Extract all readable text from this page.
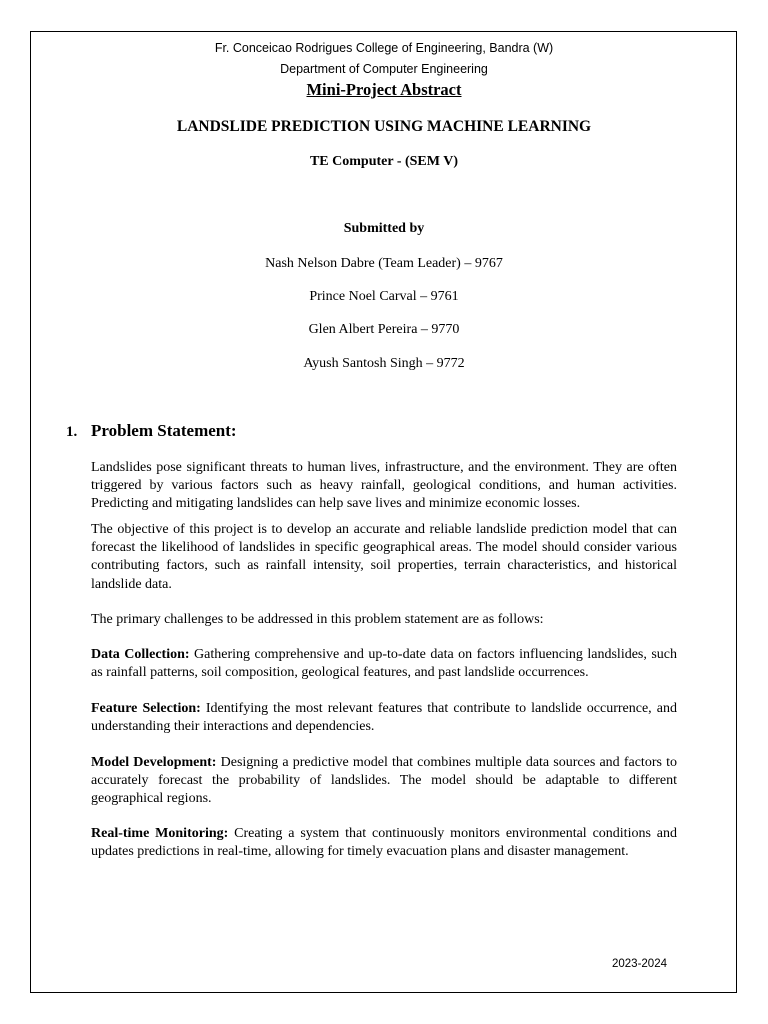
Fr. Conceicao Rodrigues College of Engineering, Bandra (W)
Department of Computer Engineering
Mini-Project Abstract
LANDSLIDE PREDICTION USING MACHINE LEARNING
TE Computer - (SEM V)
Submitted by
Nash Nelson Dabre (Team Leader) – 9767
Prince Noel Carval – 9761
Glen Albert Pereira – 9770
Ayush Santosh Singh – 9772
1. Problem Statement:

Landslides pose significant threats to human lives, infrastructure, and the environment. They are often triggered by various factors such as heavy rainfall, geological conditions, and human activities. Predicting and mitigating landslides can help save lives and minimize economic losses.

The objective of this project is to develop an accurate and reliable landslide prediction model that can forecast the likelihood of landslides in specific geographical areas. The model should consider various contributing factors, such as rainfall intensity, soil properties, terrain characteristics, and historical landslide data.

The primary challenges to be addressed in this problem statement are as follows:

Data Collection: Gathering comprehensive and up-to-date data on factors influencing landslides, such as rainfall patterns, soil composition, geological features, and past landslide occurrences.

Feature Selection: Identifying the most relevant features that contribute to landslide occurrence, and understanding their interactions and dependencies.

Model Development: Designing a predictive model that combines multiple data sources and factors to accurately forecast the probability of landslides. The model should be adaptable to different geographical regions.

Real-time Monitoring: Creating a system that continuously monitors environmental conditions and updates predictions in real-time, allowing for timely evacuation plans and disaster management.

2023-2024
